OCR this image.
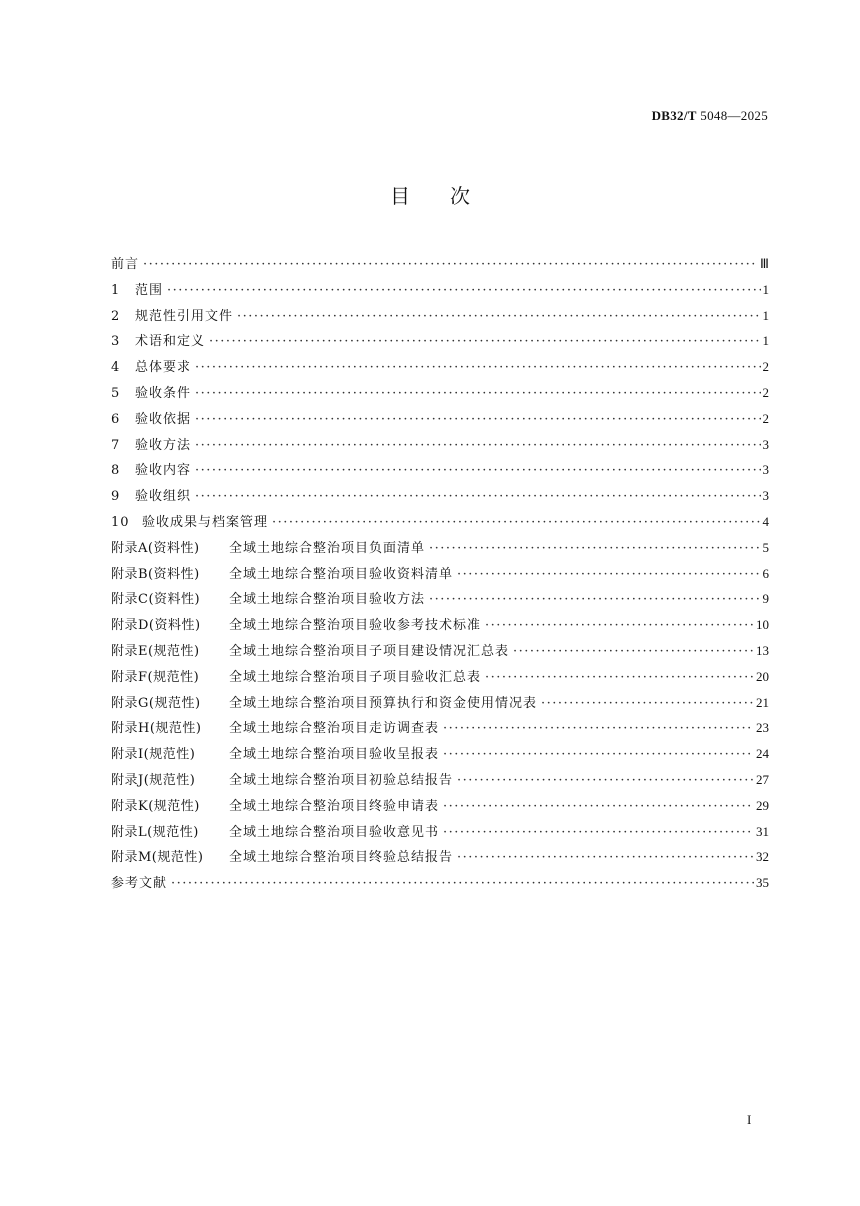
DB32/T 5048—2025
目次
前言 ·····	Ⅲ
1 范围 ·····	1
2 规范性引用文件 ·····	1
3 术语和定义 ·····	1
4 总体要求 ·····	2
5 验收条件 ·····	2
6 验收依据 ·····	2
7 验收方法 ·····	3
8 验收内容 ·····	3
9 验收组织 ·····	3
10 验收成果与档案管理 ·····	4
附录A(资料性) 全域土地综合整治项目负面清单 ·····	5
附录B(资料性) 全域土地综合整治项目验收资料清单 ·····	6
附录C(资料性) 全域土地综合整治项目验收方法 ·····	9
附录D(资料性) 全域土地综合整治项目验收参考技术标准 ·····	10
附录E(规范性) 全域土地综合整治项目子项目建设情况汇总表 ·····	13
附录F(规范性) 全域土地综合整治项目子项目验收汇总表 ·····	20
附录G(规范性) 全域土地综合整治项目预算执行和资金使用情况表 ·····	21
附录H(规范性) 全域土地综合整治项目走访调查表 ·····	23
附录I(规范性)	全域土地综合整治项目验收呈报表 ·····	24
附录J(规范性)	全域土地综合整治项目初验总结报告 ·····	27
附录K(规范性) 全域土地综合整治项目终验申请表 ·····	29
附录L(规范性) 全域土地综合整治项目验收意见书 ·····	31
附录M(规范性) 全域土地综合整治项目终验总结报告 ·····	32
参考文献 ·····	35
I
